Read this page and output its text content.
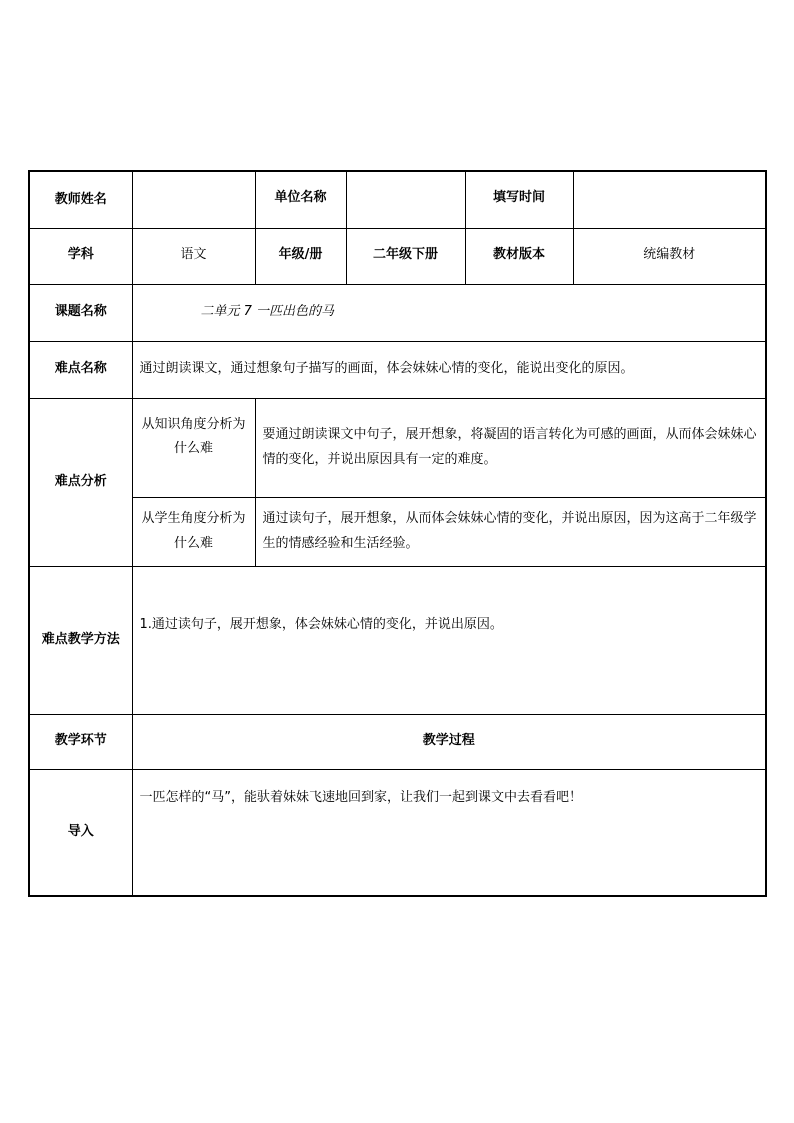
教师姓名		单位名称		填写时间	
学科	语文	年级/册	二年级下册	教材版本	统编教材
课题名称	二单元 7 一匹出色的马				
难点名称	通过朗读课文，通过想象句子描写的画面，体会妹妹心情的变化，能说出变化的原因。				
难点分析	从知识角度分析为什么难	要通过朗读课文中句子，展开想象，将凝固的语言转化为可感的画面，从而体会妹妹心情的变化，并说出原因具有一定的难度。			
	从学生角度分析为什么难	通过读句子，展开想象，从而体会妹妹心情的变化，并说出原因，因为这高于二年级学生的情感经验和生活经验。			
难点教学方法	1.通过读句子，展开想象，体会妹妹心情的变化，并说出原因。				
教学环节	教学过程				
导入	一匹怎样的“马”，能驮着妹妹飞速地回到家，让我们一起到课文中去看看吧！				
